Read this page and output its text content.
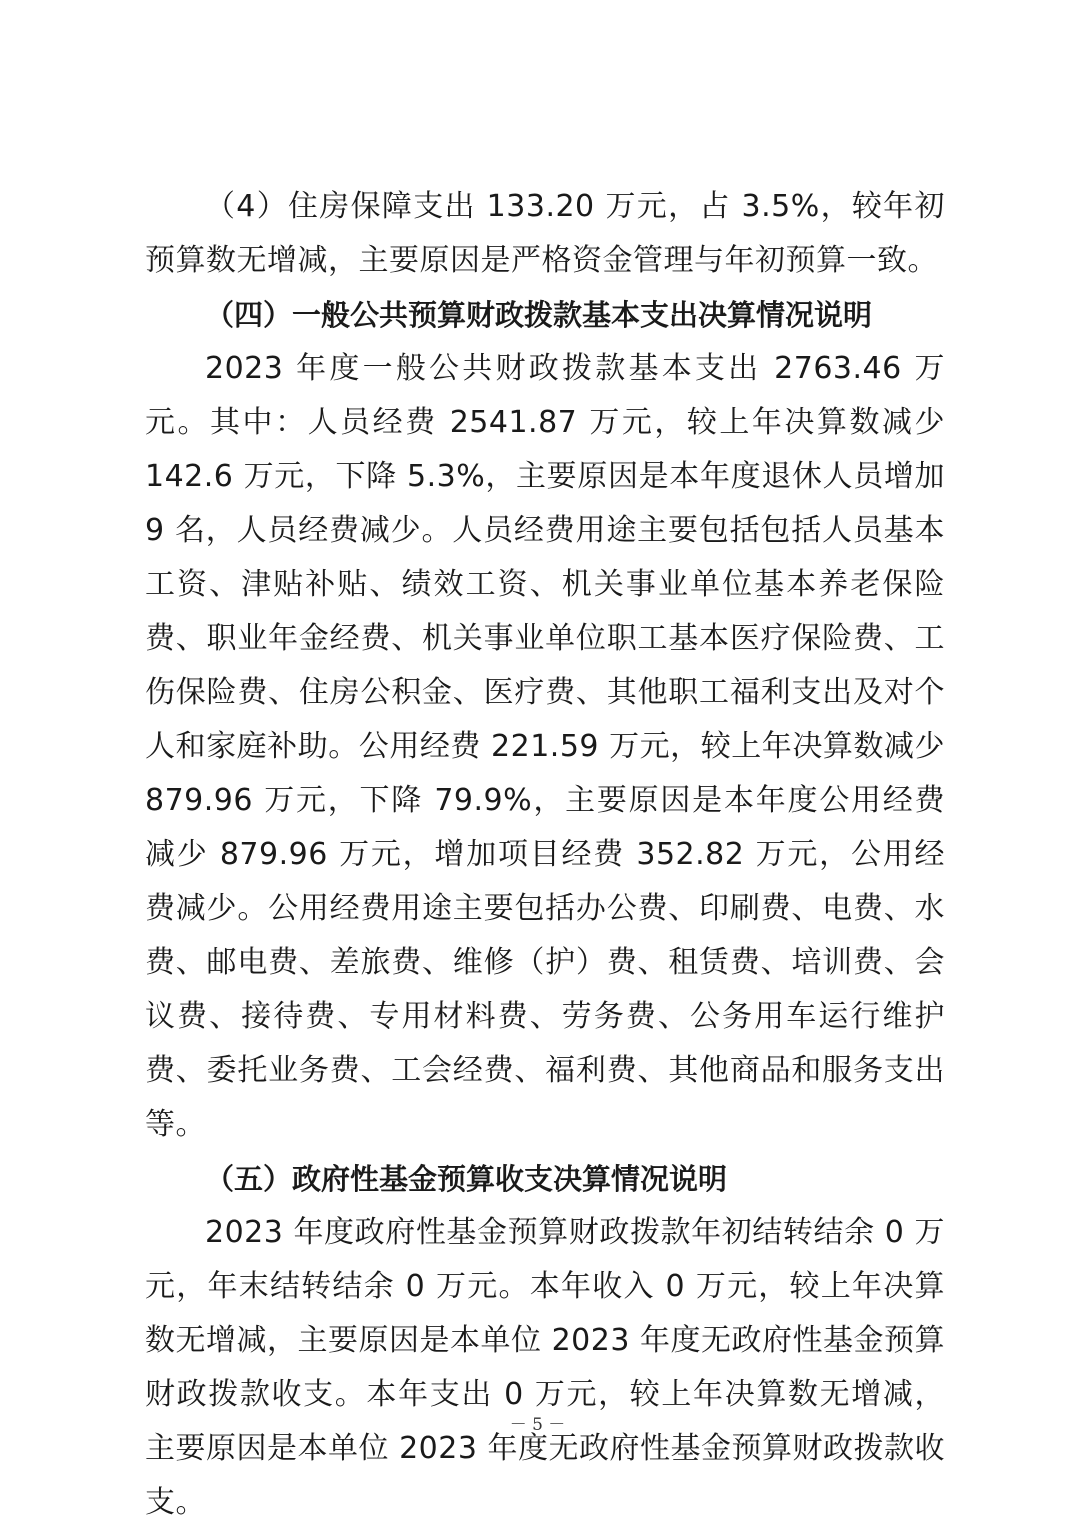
（4）住房保障支出 133.20 万元，占 3.5%，较年初预算数无增减，主要原因是严格资金管理与年初预算一致。

（四）一般公共预算财政拨款基本支出决算情况说明

2023 年度一般公共财政拨款基本支出 2763.46 万元。其中：人员经费 2541.87 万元，较上年决算数减少 142.6 万元，下降 5.3%，主要原因是本年度退休人员增加 9 名，人员经费减少。人员经费用途主要包括包括人员基本工资、津贴补贴、绩效工资、机关事业单位基本养老保险费、职业年金经费、机关事业单位职工基本医疗保险费、工伤保险费、住房公积金、医疗费、其他职工福利支出及对个人和家庭补助。公用经费 221.59 万元，较上年决算数减少 879.96 万元，下降 79.9%，主要原因是本年度公用经费减少 879.96 万元，增加项目经费 352.82 万元，公用经费减少。公用经费用途主要包括办公费、印刷费、电费、水费、邮电费、差旅费、维修（护）费、租赁费、培训费、会议费、接待费、专用材料费、劳务费、公务用车运行维护费、委托业务费、工会经费、福利费、其他商品和服务支出等。

（五）政府性基金预算收支决算情况说明

2023 年度政府性基金预算财政拨款年初结转结余 0 万元，年末结转结余 0 万元。本年收入 0 万元，较上年决算数无增减，主要原因是本单位 2023 年度无政府性基金预算财政拨款收支。本年支出 0 万元，较上年决算数无增减，主要原因是本单位 2023 年度无政府性基金预算财政拨款收支。

－ 5 －
